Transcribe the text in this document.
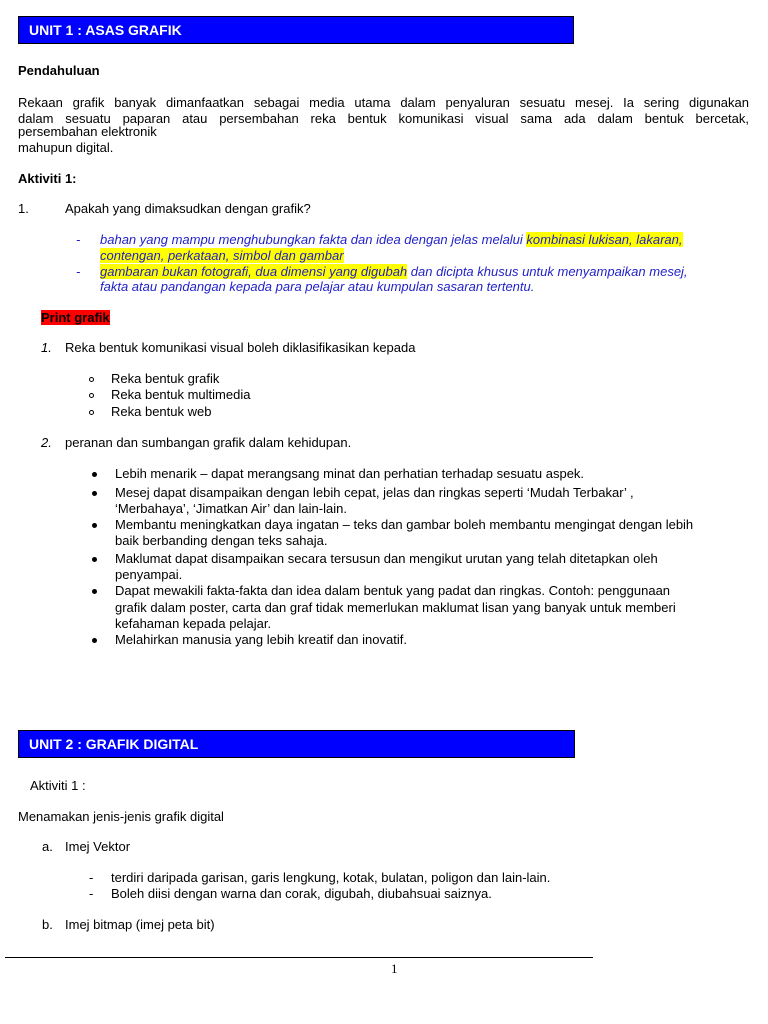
UNIT 1 : ASAS GRAFIK
Pendahuluan
Rekaan grafik banyak dimanfaatkan sebagai media utama dalam penyaluran sesuatu mesej. Ia sering digunakan
dalam sesuatu paparan atau persembahan reka bentuk komunikasi visual sama ada dalam bentuk bercetak,
persembahan elektronik
mahupun digital.
Aktiviti 1:
1.	Apakah yang dimaksudkan dengan grafik?
- bahan yang mampu menghubungkan fakta dan idea dengan jelas melalui kombinasi lukisan, lakaran,
contengan, perkataan, simbol dan gambar
- gambaran bukan fotografi, dua dimensi yang digubah dan dicipta khusus untuk menyampaikan mesej,
fakta atau pandangan kepada para pelajar atau kumpulan sasaran tertentu.
Print grafik
1. Reka bentuk komunikasi visual boleh diklasifikasikan kepada
Reka bentuk grafik
Reka bentuk multimedia
Reka bentuk web
2. peranan dan sumbangan grafik dalam kehidupan.
Lebih menarik – dapat merangsang minat dan perhatian terhadap sesuatu aspek.
Mesej dapat disampaikan dengan lebih cepat, jelas dan ringkas seperti ‘Mudah Terbakar’ ,
‘Merbahaya’, ‘Jimatkan Air’ dan lain-lain.
Membantu meningkatkan daya ingatan – teks dan gambar boleh membantu mengingat dengan lebih
baik berbanding dengan teks sahaja.
Maklumat dapat disampaikan secara tersusun dan mengikut urutan yang telah ditetapkan oleh
penyampai.
Dapat mewakili fakta-fakta dan idea dalam bentuk yang padat dan ringkas. Contoh: penggunaan
grafik dalam poster, carta dan graf tidak memerlukan maklumat lisan yang banyak untuk memberi
kefahaman kepada pelajar.
Melahirkan manusia yang lebih kreatif dan inovatif.
UNIT 2 : GRAFIK DIGITAL
Aktiviti 1 :
Menamakan jenis-jenis grafik digital
a. Imej Vektor
- terdiri daripada garisan, garis lengkung, kotak, bulatan, poligon dan lain-lain.
- Boleh diisi dengan warna dan corak, digubah, diubahsuai saiznya.
b. Imej bitmap (imej peta bit)
1
